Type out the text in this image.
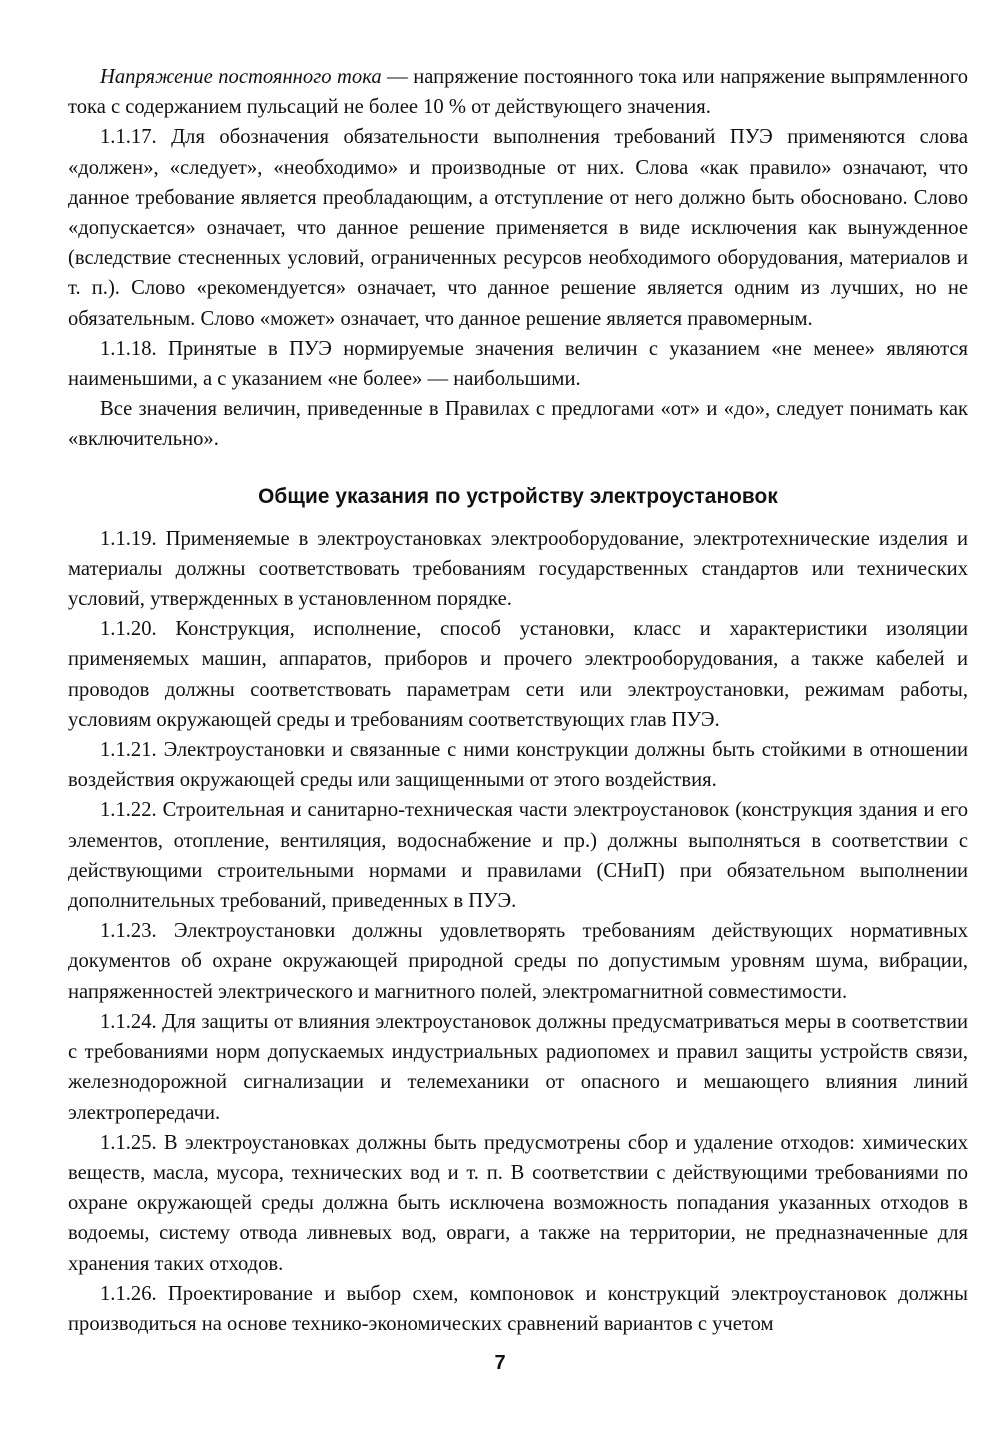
Напряжение постоянного тока — напряжение постоянного тока или напряжение выпрямленного тока с содержанием пульсаций не более 10 % от действующего значения.

1.1.17. Для обозначения обязательности выполнения требований ПУЭ применяются слова «должен», «следует», «необходимо» и производные от них. Слова «как правило» означают, что данное требование является преобладающим, а отступление от него должно быть обосновано. Слово «допускается» означает, что данное решение применяется в виде исключения как вынужденное (вследствие стесненных условий, ограниченных ресурсов необходимого оборудования, материалов и т. п.). Слово «рекомендуется» означает, что данное решение является одним из лучших, но не обязательным. Слово «может» означает, что данное решение является правомерным.

1.1.18. Принятые в ПУЭ нормируемые значения величин с указанием «не менее» являются наименьшими, а с указанием «не более» — наибольшими.

Все значения величин, приведенные в Правилах с предлогами «от» и «до», следует понимать как «включительно».

Общие указания по устройству электроустановок

1.1.19. Применяемые в электроустановках электрооборудование, электротехнические изделия и материалы должны соответствовать требованиям государственных стандартов или технических условий, утвержденных в установленном порядке.

1.1.20. Конструкция, исполнение, способ установки, класс и характеристики изоляции применяемых машин, аппаратов, приборов и прочего электрооборудования, а также кабелей и проводов должны соответствовать параметрам сети или электроустановки, режимам работы, условиям окружающей среды и требованиям соответствующих глав ПУЭ.

1.1.21. Электроустановки и связанные с ними конструкции должны быть стойкими в отношении воздействия окружающей среды или защищенными от этого воздействия.

1.1.22. Строительная и санитарно-техническая части электроустановок (конструкция здания и его элементов, отопление, вентиляция, водоснабжение и пр.) должны выполняться в соответствии с действующими строительными нормами и правилами (СНиП) при обязательном выполнении дополнительных требований, приведенных в ПУЭ.

1.1.23. Электроустановки должны удовлетворять требованиям действующих нормативных документов об охране окружающей природной среды по допустимым уровням шума, вибрации, напряженностей электрического и магнитного полей, электромагнитной совместимости.

1.1.24. Для защиты от влияния электроустановок должны предусматриваться меры в соответствии с требованиями норм допускаемых индустриальных радиопомех и правил защиты устройств связи, железнодорожной сигнализации и телемеханики от опасного и мешающего влияния линий электропередачи.

1.1.25. В электроустановках должны быть предусмотрены сбор и удаление отходов: химических веществ, масла, мусора, технических вод и т. п. В соответствии с действующими требованиями по охране окружающей среды должна быть исключена возможность попадания указанных отходов в водоемы, систему отвода ливневых вод, овраги, а также на территории, не предназначенные для хранения таких отходов.

1.1.26. Проектирование и выбор схем, компоновок и конструкций электроустановок должны производиться на основе технико-экономических сравнений вариантов с учетом

7
